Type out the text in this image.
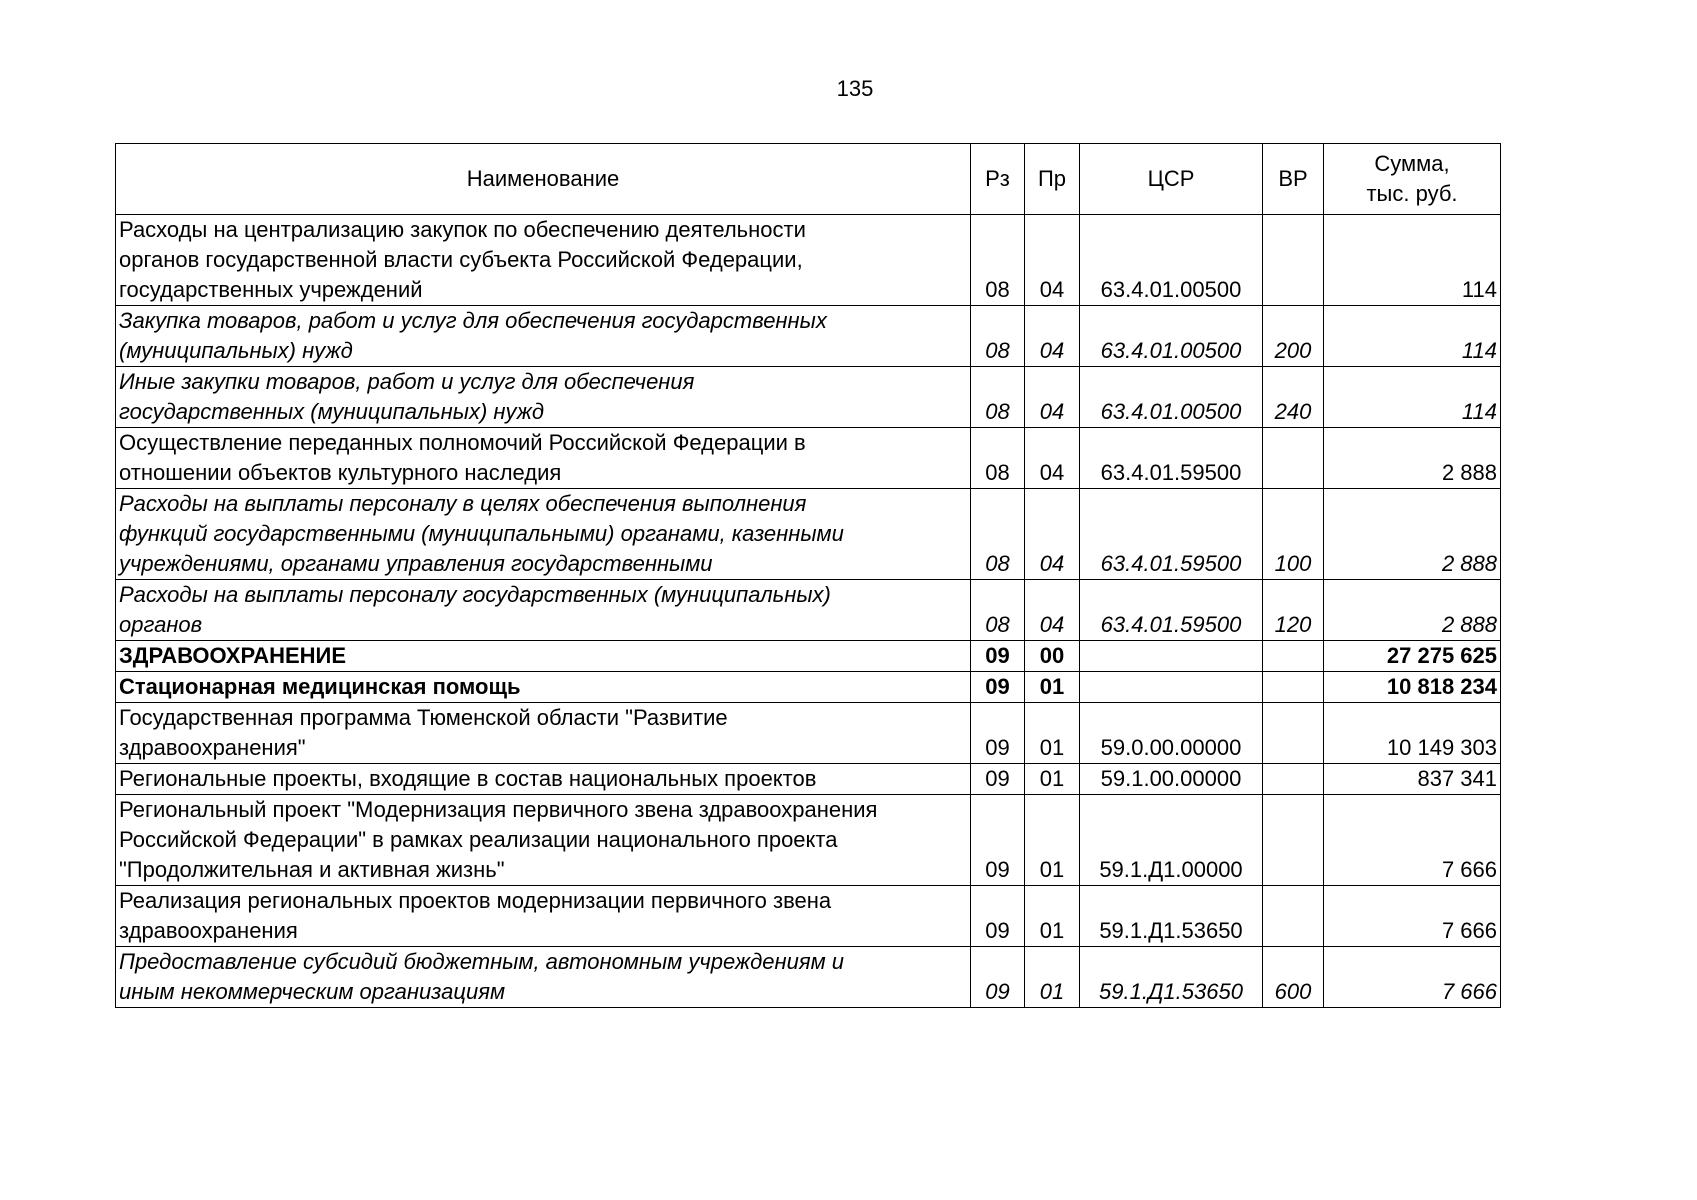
135
Наименование	Рз	Пр	ЦСР	ВР	Сумма,
тыс. руб.

Расходы на централизацию закупок по обеспечению деятельности
органов государственной власти субъекта Российской Федерации,
государственных учреждений	08	04	63.4.01.00500		114

Закупка товаров, работ и услуг для обеспечения государственных
(муниципальных) нужд	08	04	63.4.01.00500	200	114

Иные закупки товаров, работ и услуг для обеспечения
государственных (муниципальных) нужд	08	04	63.4.01.00500	240	114

Осуществление переданных полномочий Российской Федерации в
отношении объектов культурного наследия	08	04	63.4.01.59500		2 888

Расходы на выплаты персоналу в целях обеспечения выполнения
функций государственными (муниципальными) органами, казенными
учреждениями, органами управления государственными	08	04	63.4.01.59500	100	2 888

Расходы на выплаты персоналу государственных (муниципальных)
органов	08	04	63.4.01.59500	120	2 888

ЗДРАВООХРАНЕНИЕ	09	00			27 275 625

Стационарная медицинская помощь	09	01			10 818 234

Государственная программа Тюменской области "Развитие
здравоохранения"	09	01	59.0.00.00000		10 149 303

Региональные проекты, входящие в состав национальных проектов	09	01	59.1.00.00000		837 341

Региональный проект "Модернизация первичного звена здравоохранения
Российской Федерации" в рамках реализации национального проекта
"Продолжительная и активная жизнь"	09	01	59.1.Д1.00000		7 666

Реализация региональных проектов модернизации первичного звена
здравоохранения	09	01	59.1.Д1.53650		7 666

Предоставление субсидий бюджетным, автономным учреждениям и
иным некоммерческим организациям	09	01	59.1.Д1.53650	600	7 666
